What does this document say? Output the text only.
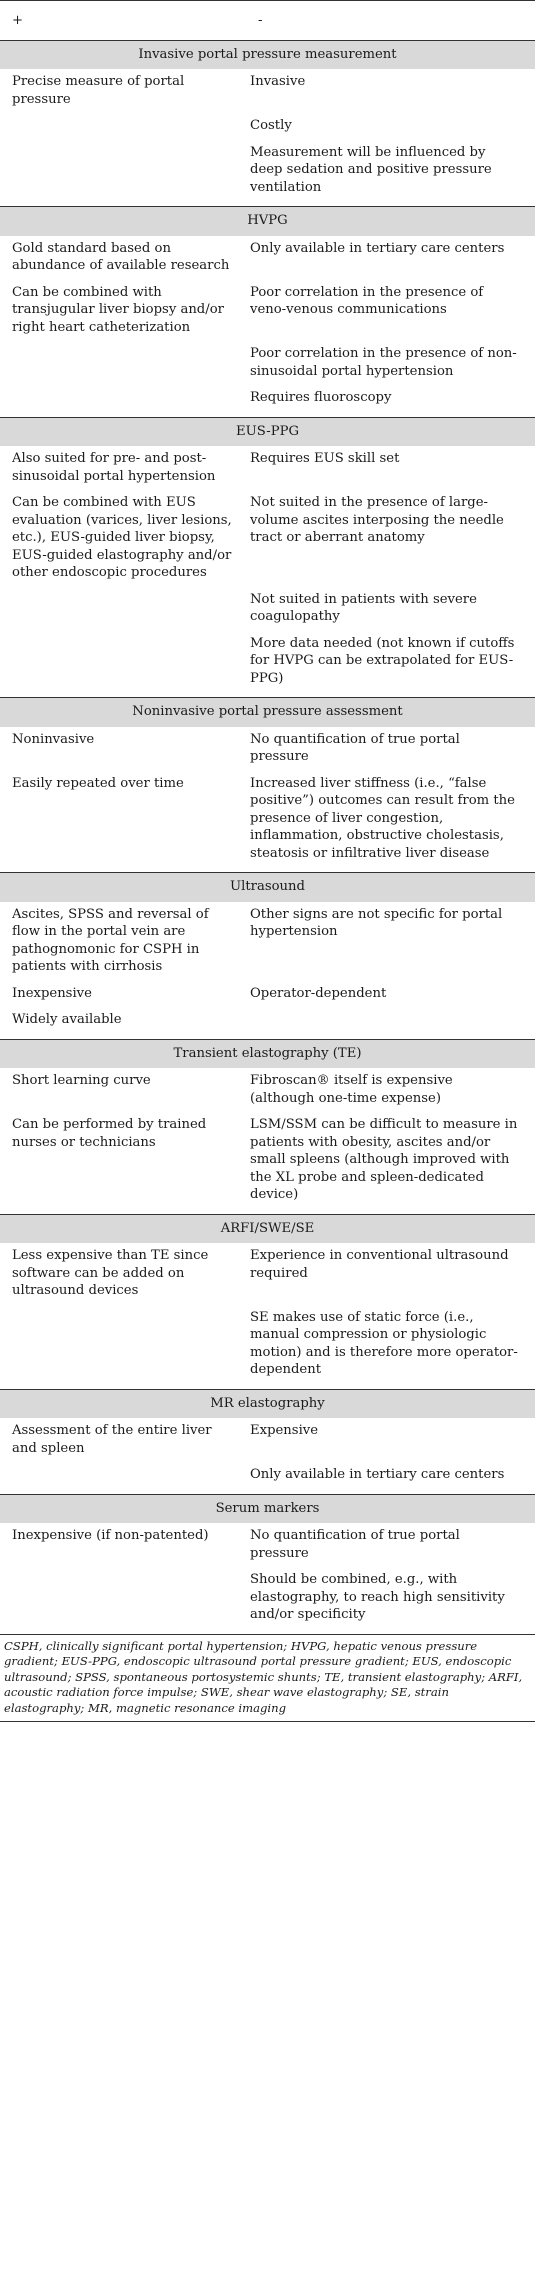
+	-
Invasive portal pressure measurement	
Precise measure of portal pressure	Invasive
	Costly
	Measurement will be influenced by deep sedation and positive pressure ventilation
HVPG	
Gold standard based on abundance of available research	Only available in tertiary care centers
Can be combined with transjugular liver biopsy and/or right heart catheterization	Poor correlation in the presence of veno-venous communications
	Poor correlation in the presence of non-sinusoidal portal hypertension
	Requires fluoroscopy
EUS-PPG	
Also suited for pre- and post-sinusoidal portal hypertension	Requires EUS skill set
Can be combined with EUS evaluation (varices, liver lesions, etc.), EUS-guided liver biopsy, EUS-guided elastography and/or other endoscopic procedures	Not suited in the presence of large-volume ascites interposing the needle tract or aberrant anatomy
	Not suited in patients with severe coagulopathy
	More data needed (not known if cutoffs for HVPG can be extrapolated for EUS-PPG)
Noninvasive portal pressure assessment	
Noninvasive	No quantification of true portal pressure
Easily repeated over time	Increased liver stiffness (i.e., “false positive”) outcomes can result from the presence of liver congestion, inflammation, obstructive cholestasis, steatosis or infiltrative liver disease
Ultrasound	
Ascites, SPSS and reversal of flow in the portal vein are pathognomonic for CSPH in patients with cirrhosis	Other signs are not specific for portal hypertension
Inexpensive	Operator-dependent
Widely available	
Transient elastography (TE)	
Short learning curve	Fibroscan® itself is expensive (although one-time expense)
Can be performed by trained nurses or technicians	LSM/SSM can be difficult to measure in patients with obesity, ascites and/or small spleens (although improved with the XL probe and spleen-dedicated device)
ARFI/SWE/SE	
Less expensive than TE since software can be added on ultrasound devices	Experience in conventional ultrasound required
	SE makes use of static force (i.e., manual compression or physiologic motion) and is therefore more operator-dependent
MR elastography	
Assessment of the entire liver and spleen	Expensive
	Only available in tertiary care centers
Serum markers	
Inexpensive (if non-patented)	No quantification of true portal pressure
	Should be combined, e.g., with elastography, to reach high sensitivity and/or specificity
CSPH, clinically significant portal hypertension; HVPG, hepatic venous pressure gradient; EUS-PPG, endoscopic ultrasound portal pressure gradient; EUS, endoscopic ultrasound; SPSS, spontaneous portosystemic shunts; TE, transient elastography; ARFI, acoustic radiation force impulse; SWE, shear wave elastography; SE, strain elastography; MR, magnetic resonance imaging
